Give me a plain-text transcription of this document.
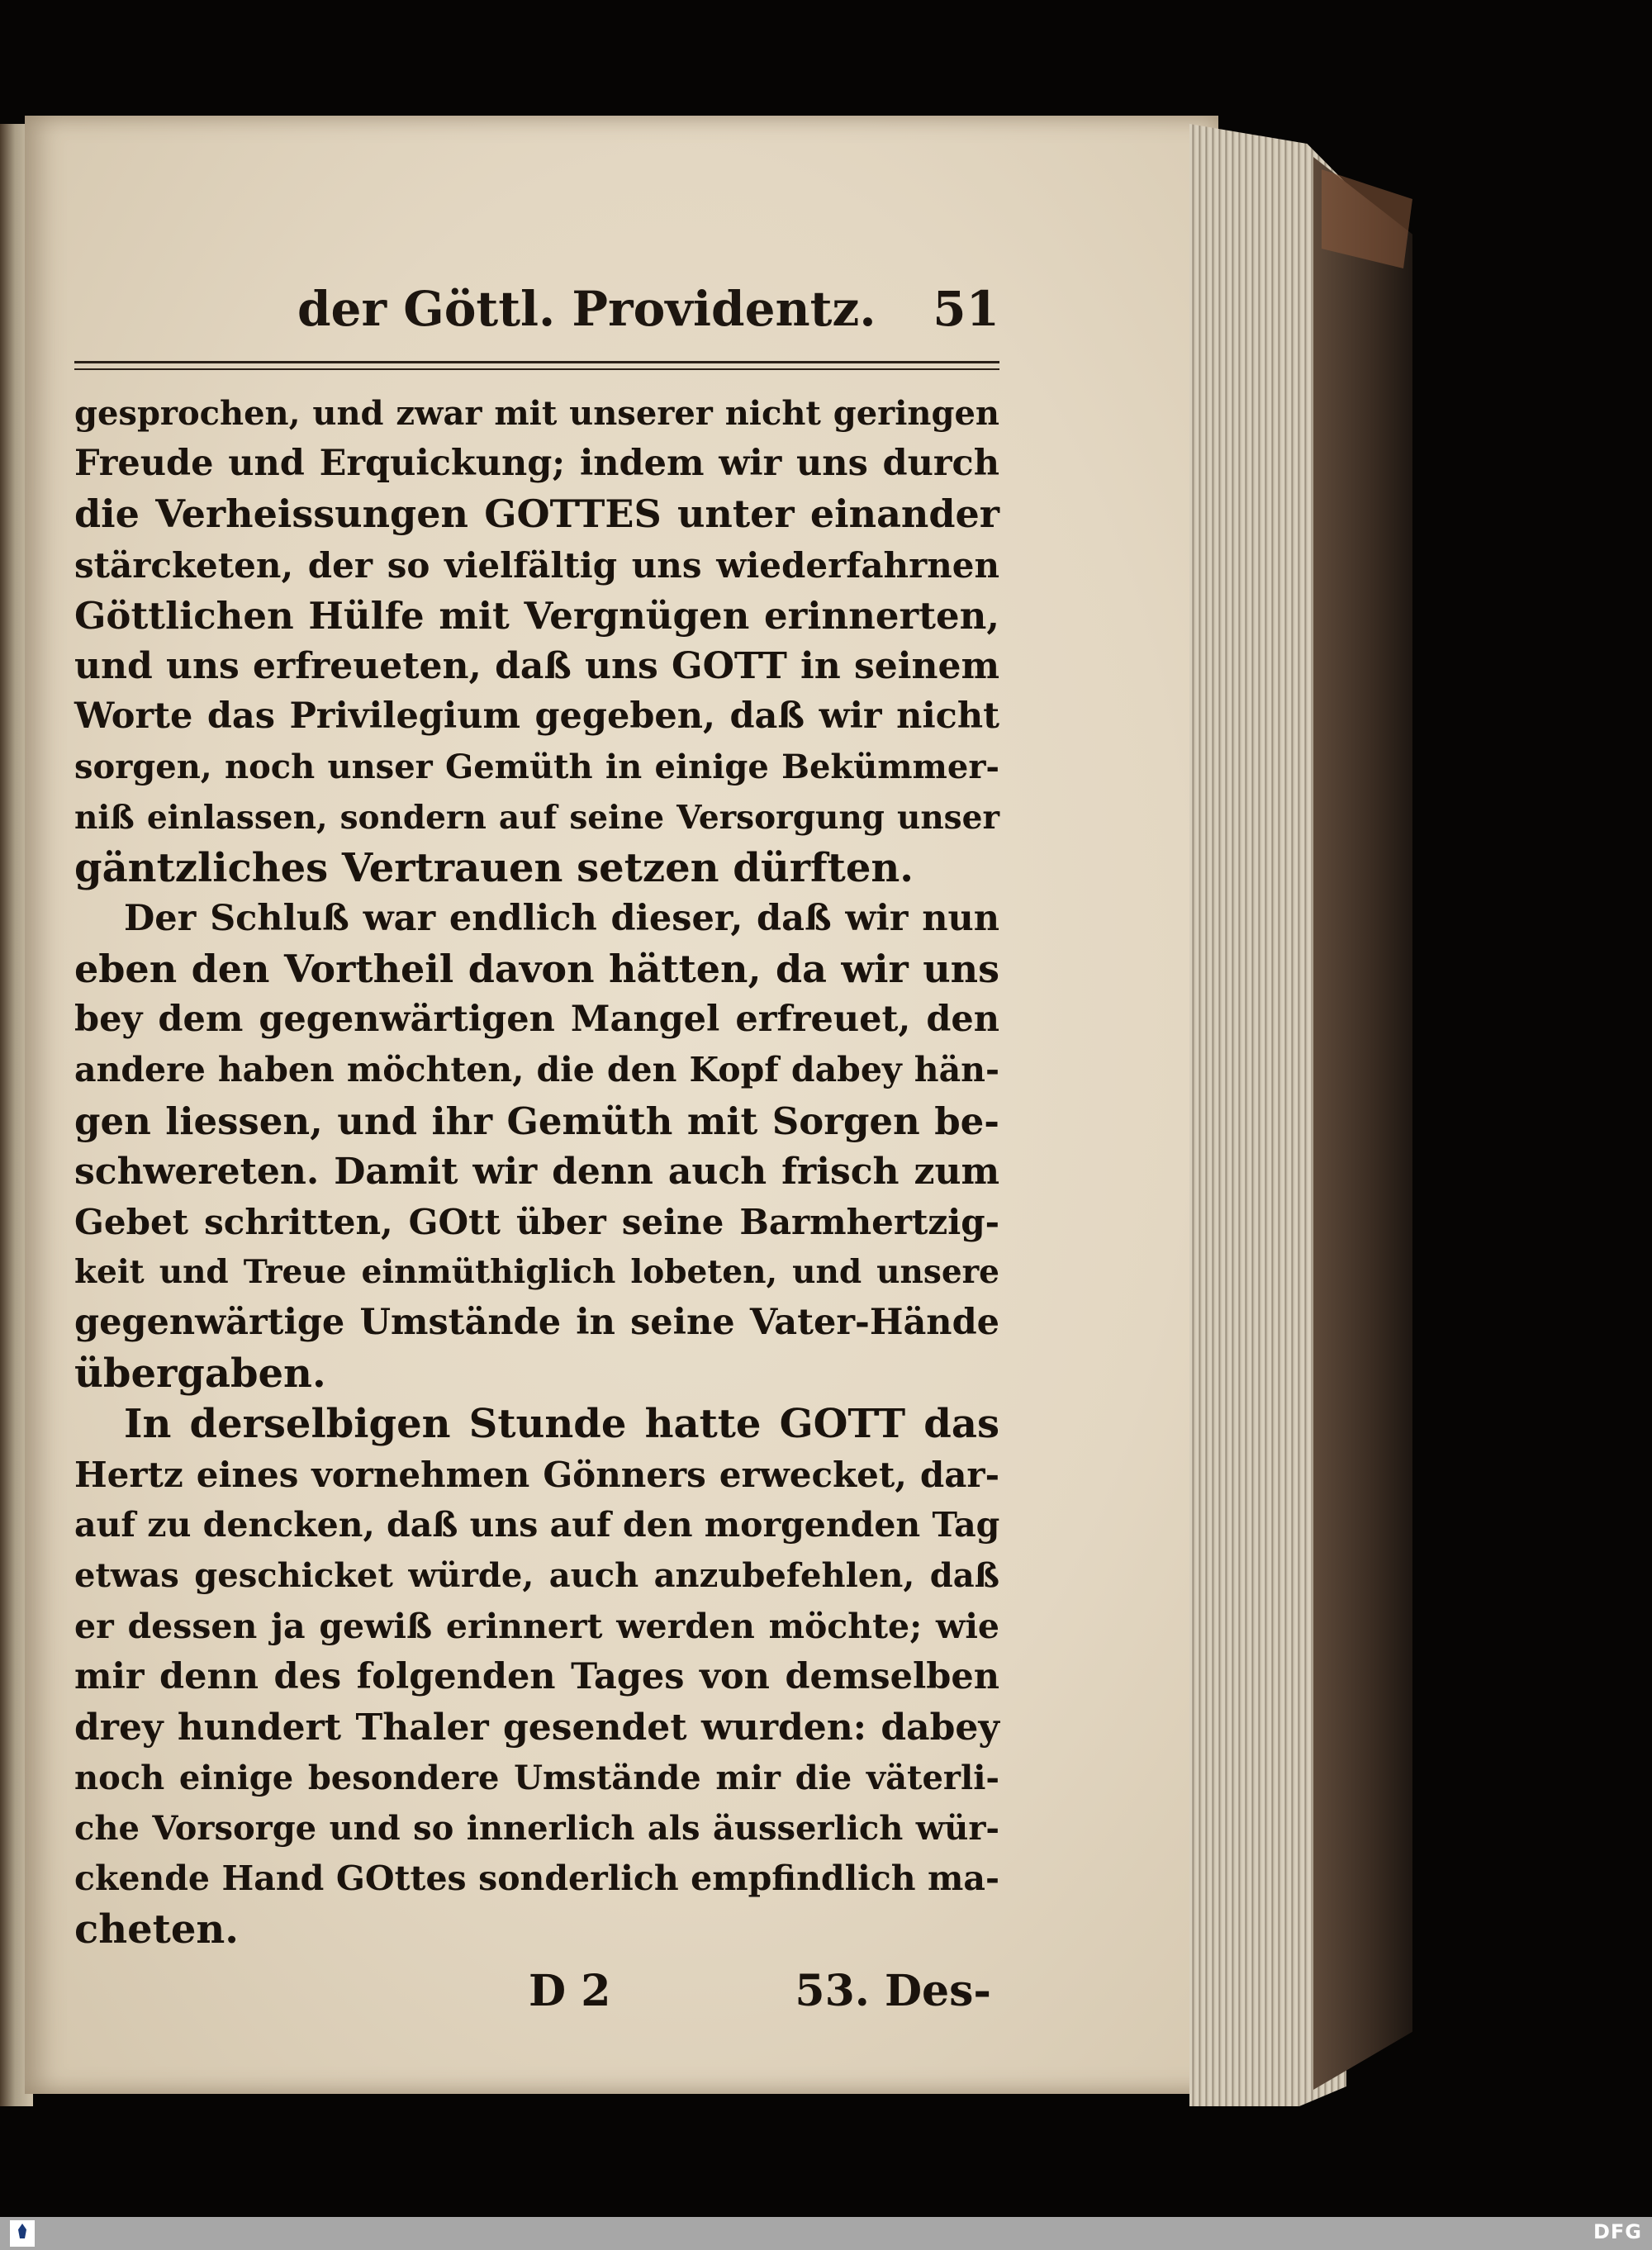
der Göttl. Providentz. 51
gesprochen, und zwar mit unserer nicht geringen
Freude und Erquickung; indem wir uns durch
die Verheissungen GOTTES unter einander
stärcketen, der so vielfältig uns wiederfahrnen
Göttlichen Hülfe mit Vergnügen erinnerten,
und uns erfreueten, daß uns GOTT in seinem
Worte das Privilegium gegeben, daß wir nicht
sorgen, noch unser Gemüth in einige Bekümmer-
niß einlassen, sondern auf seine Versorgung unser
gäntzliches Vertrauen setzen dürften.
Der Schluß war endlich dieser, daß wir nun
eben den Vortheil davon hätten, da wir uns
bey dem gegenwärtigen Mangel erfreuet, den
andere haben möchten, die den Kopf dabey hän-
gen liessen, und ihr Gemüth mit Sorgen be-
schwereten. Damit wir denn auch frisch zum
Gebet schritten, GOtt über seine Barmhertzig-
keit und Treue einmüthiglich lobeten, und unsere
gegenwärtige Umstände in seine Vater-Hände
übergaben.
In derselbigen Stunde hatte GOTT das
Hertz eines vornehmen Gönners erwecket, dar-
auf zu dencken, daß uns auf den morgenden Tag
etwas geschicket würde, auch anzubefehlen, daß
er dessen ja gewiß erinnert werden möchte; wie
mir denn des folgenden Tages von demselben
drey hundert Thaler gesendet wurden: dabey
noch einige besondere Umstände mir die väterli-
che Vorsorge und so innerlich als äusserlich wür-
ckende Hand GOttes sonderlich empfindlich ma-
cheten.
D 2	53. Des-
DFG
